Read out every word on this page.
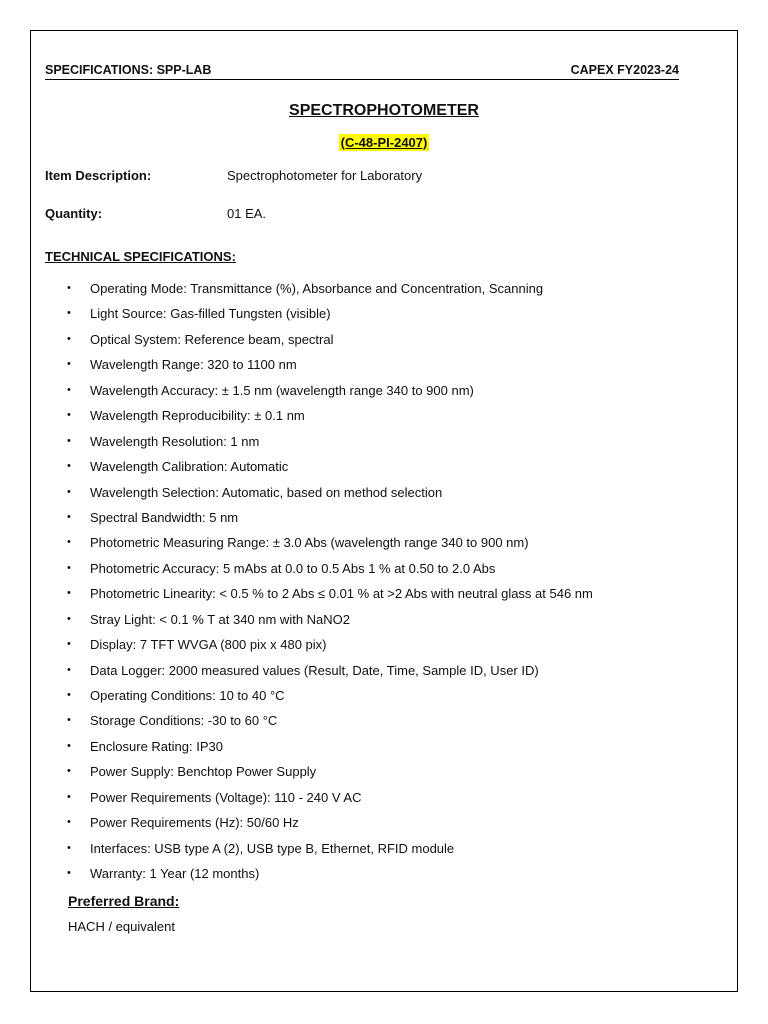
SPECIFICATIONS: SPP-LAB	CAPEX FY2023-24
SPECTROPHOTOMETER
(C-48-PI-2407)
Item Description:	Spectrophotometer for Laboratory
Quantity:	01 EA.
TECHNICAL SPECIFICATIONS:
• Operating Mode: Transmittance (%), Absorbance and Concentration, Scanning
• Light Source: Gas-filled Tungsten (visible)
• Optical System: Reference beam, spectral
• Wavelength Range: 320 to 1100 nm
• Wavelength Accuracy: ± 1.5 nm (wavelength range 340 to 900 nm)
• Wavelength Reproducibility: ± 0.1 nm
• Wavelength Resolution: 1 nm
• Wavelength Calibration: Automatic
• Wavelength Selection: Automatic, based on method selection
• Spectral Bandwidth: 5 nm
• Photometric Measuring Range: ± 3.0 Abs (wavelength range 340 to 900 nm)
• Photometric Accuracy: 5 mAbs at 0.0 to 0.5 Abs 1 % at 0.50 to 2.0 Abs
• Photometric Linearity: < 0.5 % to 2 Abs ≤ 0.01 % at >2 Abs with neutral glass at 546 nm
• Stray Light: < 0.1 % T at 340 nm with NaNO2
• Display: 7 TFT WVGA (800 pix x 480 pix)
• Data Logger: 2000 measured values (Result, Date, Time, Sample ID, User ID)
• Operating Conditions: 10 to 40 °C
• Storage Conditions: -30 to 60 °C
• Enclosure Rating: IP30
• Power Supply: Benchtop Power Supply
• Power Requirements (Voltage): 110 - 240 V AC
• Power Requirements (Hz): 50/60 Hz
• Interfaces: USB type A (2), USB type B, Ethernet, RFID module
• Warranty: 1 Year (12 months)
Preferred Brand:
HACH / equivalent
